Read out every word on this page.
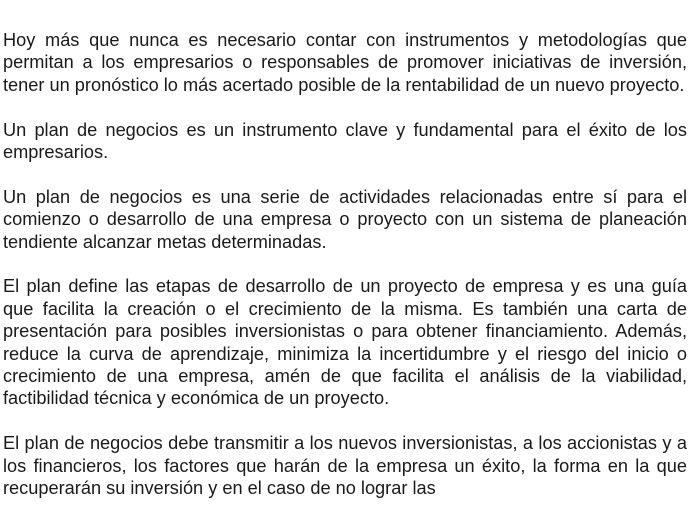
Hoy más que nunca es necesario contar con instrumentos y metodologías que permitan a los empresarios o responsables de promover iniciativas de inversión, tener un pronóstico lo más acertado posible de la rentabilidad de un nuevo proyecto.

Un plan de negocios es un instrumento clave y fundamental para el éxito de los empresarios.

Un plan de negocios es una serie de actividades relacionadas entre sí para el comienzo o desarrollo de una empresa o proyecto con un sistema de planeación tendiente alcanzar metas determinadas.

El plan define las etapas de desarrollo de un proyecto de empresa y es una guía que facilita la creación o el crecimiento de la misma. Es también una carta de presentación para posibles inversionistas o para obtener financiamiento. Además, reduce la curva de aprendizaje, minimiza la incertidumbre y el riesgo del inicio o crecimiento de una empresa, amén de que facilita el análisis de la viabilidad, factibilidad técnica y económica de un proyecto.

El plan de negocios debe transmitir a los nuevos inversionistas, a los accionistas y a los financieros, los factores que harán de la empresa un éxito, la forma en la que recuperarán su inversión y en el caso de no lograr las
